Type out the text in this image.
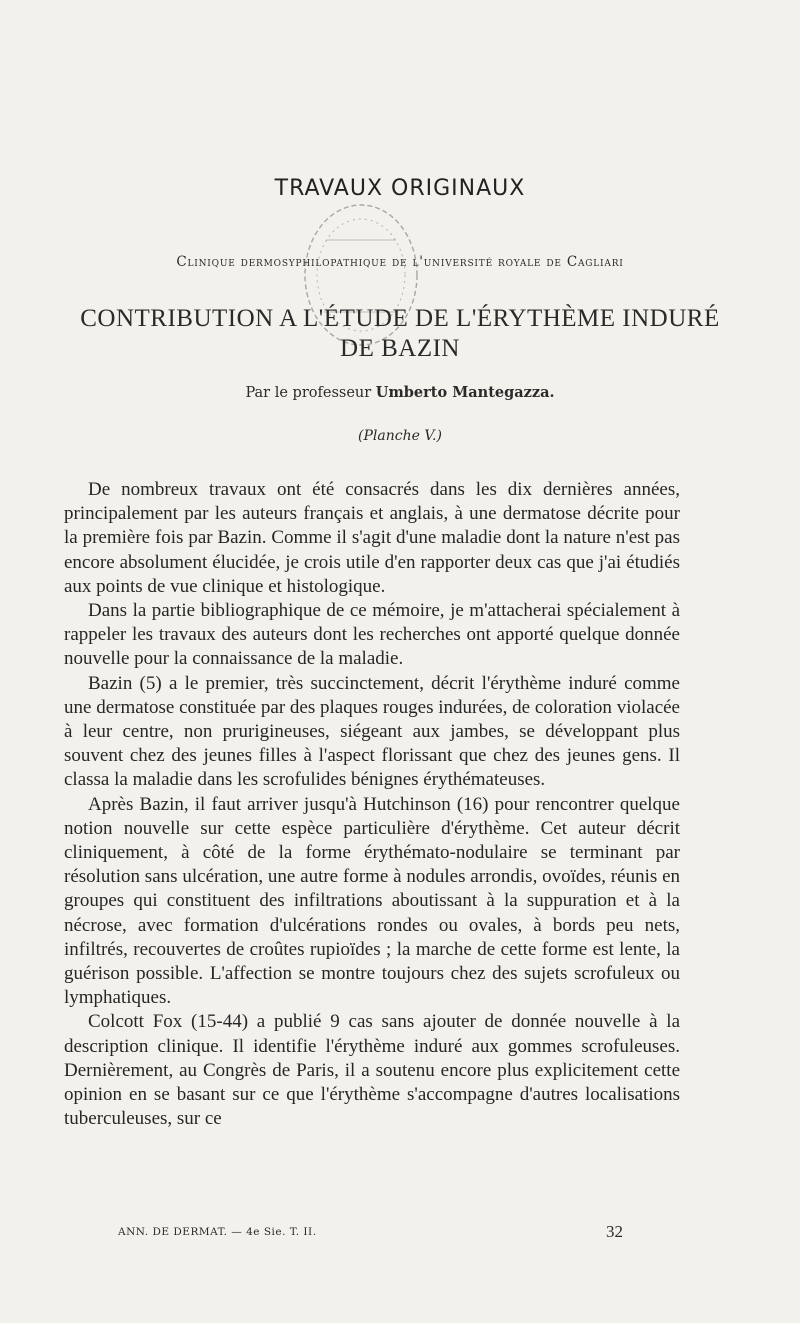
TRAVAUX ORIGINAUX
Clinique dermosyphilopathique de l'université royale de Cagliari
CONTRIBUTION A L'ÉTUDE DE L'ÉRYTHÈME INDURÉ
DE BAZIN
Par le professeur Umberto Mantegazza.
(Planche V.)

De nombreux travaux ont été consacrés dans les dix dernières années, principalement par les auteurs français et anglais, à une dermatose décrite pour la première fois par Bazin. Comme il s'agit d'une maladie dont la nature n'est pas encore absolument élucidée, je crois utile d'en rapporter deux cas que j'ai étudiés aux points de vue clinique et histologique.

Dans la partie bibliographique de ce mémoire, je m'attacherai spécialement à rappeler les travaux des auteurs dont les recherches ont apporté quelque donnée nouvelle pour la connaissance de la maladie.

Bazin (5) a le premier, très succinctement, décrit l'érythème induré comme une dermatose constituée par des plaques rouges indurées, de coloration violacée à leur centre, non prurigineuses, siégeant aux jambes, se développant plus souvent chez des jeunes filles à l'aspect florissant que chez des jeunes gens. Il classa la maladie dans les scrofulides bénignes érythémateuses.

Après Bazin, il faut arriver jusqu'à Hutchinson (16) pour rencontrer quelque notion nouvelle sur cette espèce particulière d'érythème. Cet auteur décrit cliniquement, à côté de la forme érythémato-nodulaire se terminant par résolution sans ulcération, une autre forme à nodules arrondis, ovoïdes, réunis en groupes qui constituent des infiltrations aboutissant à la suppuration et à la nécrose, avec formation d'ulcérations rondes ou ovales, à bords peu nets, infiltrés, recouvertes de croûtes rupioïdes ; la marche de cette forme est lente, la guérison possible. L'affection se montre toujours chez des sujets scrofuleux ou lymphatiques.

Colcott Fox (15-44) a publié 9 cas sans ajouter de donnée nouvelle à la description clinique. Il identifie l'érythème induré aux gommes scrofuleuses. Dernièrement, au Congrès de Paris, il a soutenu encore plus explicitement cette opinion en se basant sur ce que l'érythème s'accompagne d'autres localisations tuberculeuses, sur ce

ANN. DE DERMAT. — 4e Sie. T. II.	32
